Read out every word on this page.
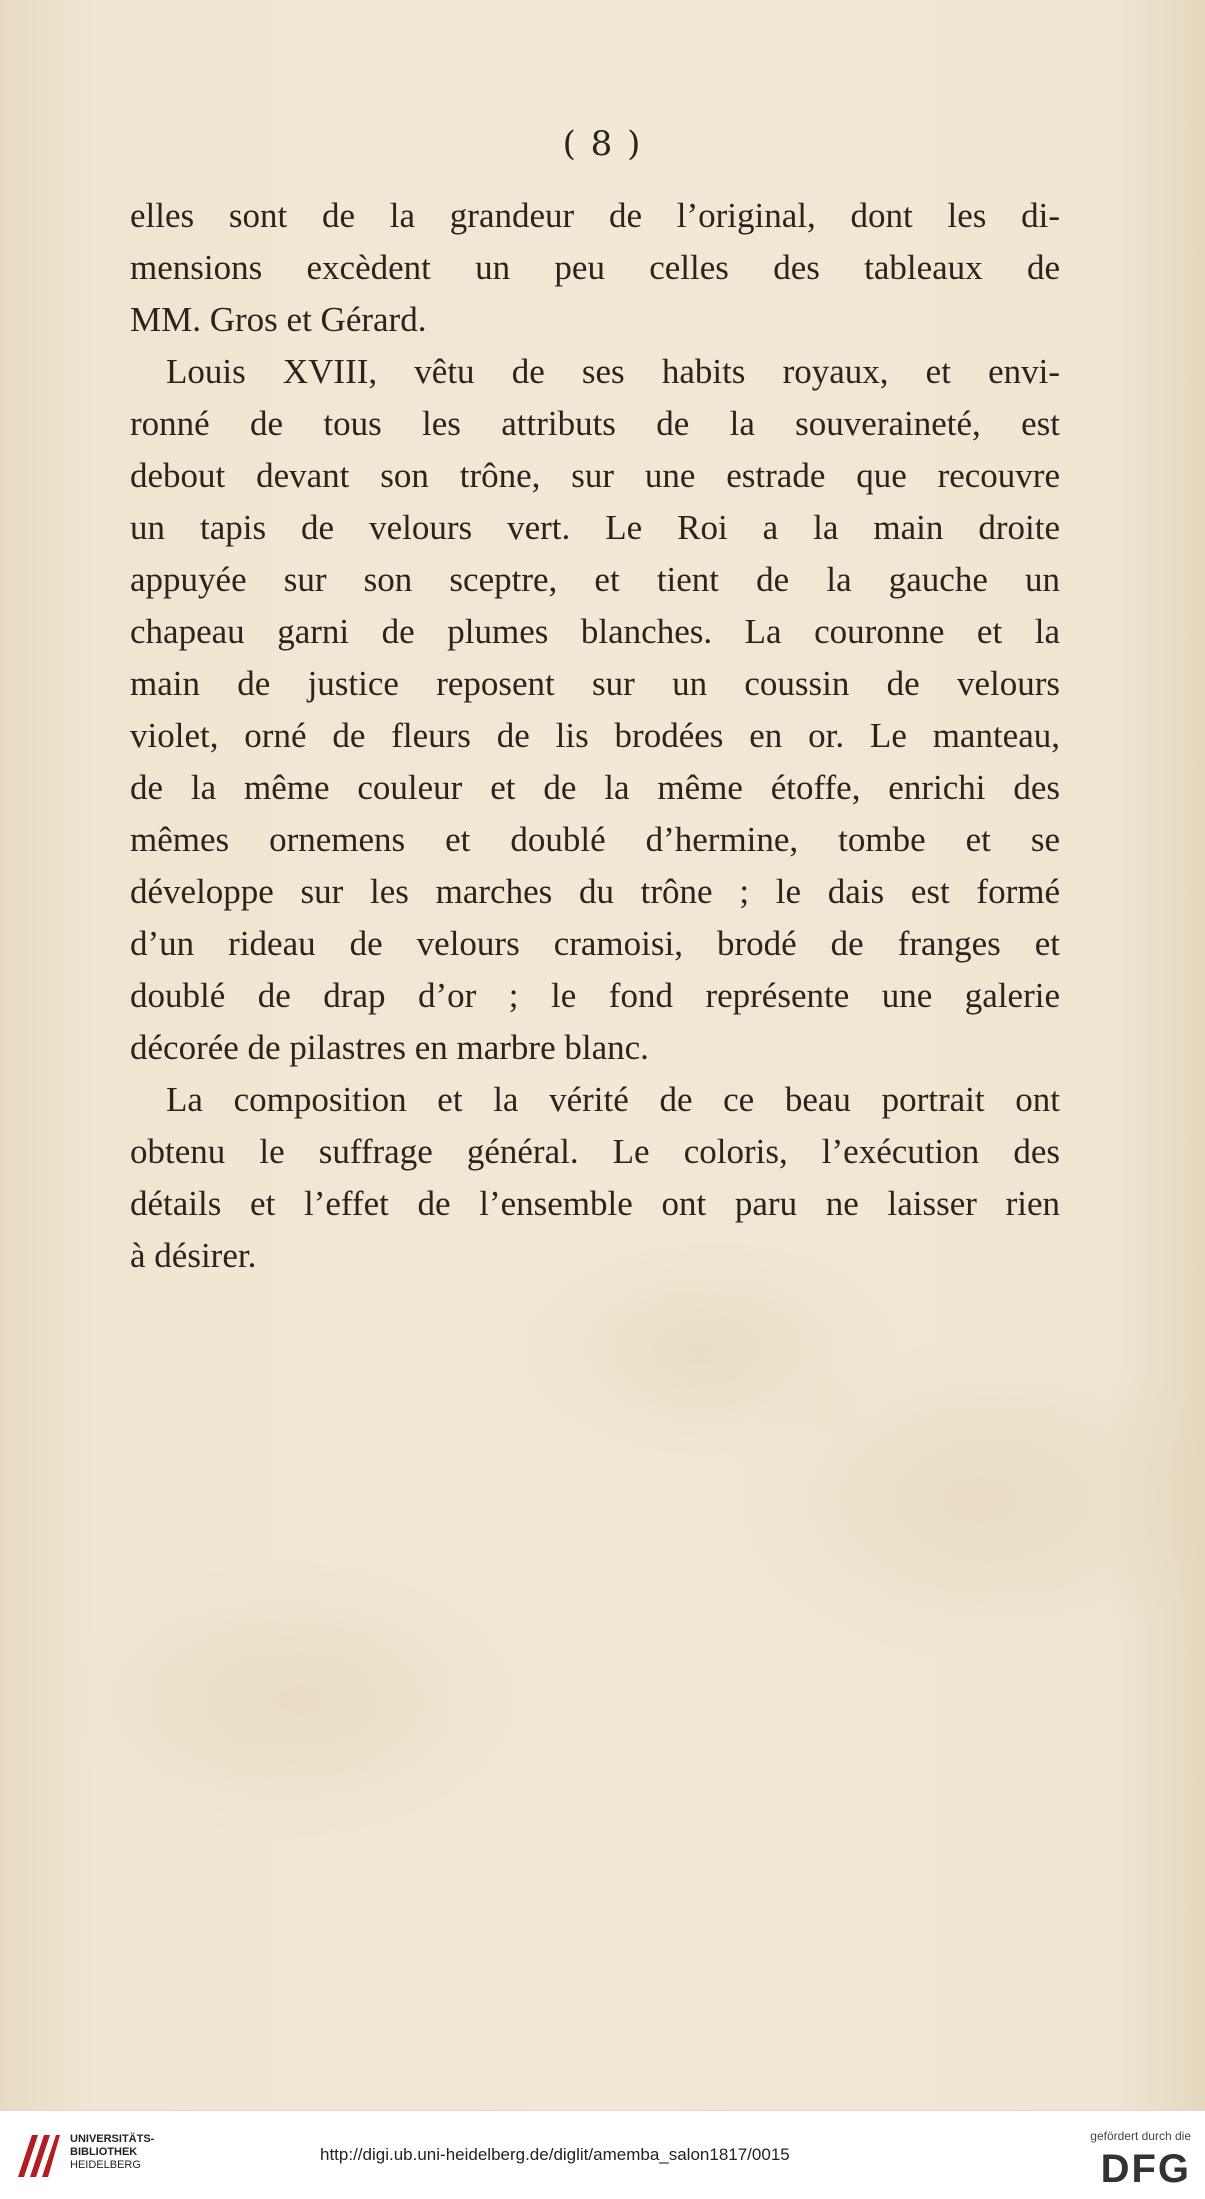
( 8 )
elles sont de la grandeur de l’original, dont les di-
mensions excèdent un peu celles des tableaux de
MM. Gros et Gérard.
Louis XVIII, vêtu de ses habits royaux, et envi-
ronné de tous les attributs de la souveraineté, est
debout devant son trône, sur une estrade que recouvre
un tapis de velours vert. Le Roi a la main droite
appuyée sur son sceptre, et tient de la gauche un
chapeau garni de plumes blanches. La couronne et la
main de justice reposent sur un coussin de velours
violet, orné de fleurs de lis brodées en or. Le manteau,
de la même couleur et de la même étoffe, enrichi des
mêmes ornemens et doublé d’hermine, tombe et se
développe sur les marches du trône ; le dais est formé
d’un rideau de velours cramoisi, brodé de franges et
doublé de drap d’or ; le fond représente une galerie
décorée de pilastres en marbre blanc.
La composition et la vérité de ce beau portrait ont
obtenu le suffrage général. Le coloris, l’exécution des
détails et l’effet de l’ensemble ont paru ne laisser rien
à désirer.
UNIVERSITÄTS-
BIBLIOTHEK
HEIDELBERG
http://digi.ub.uni-heidelberg.de/diglit/amemba_salon1817/0015
gefördert durch die
DFG
